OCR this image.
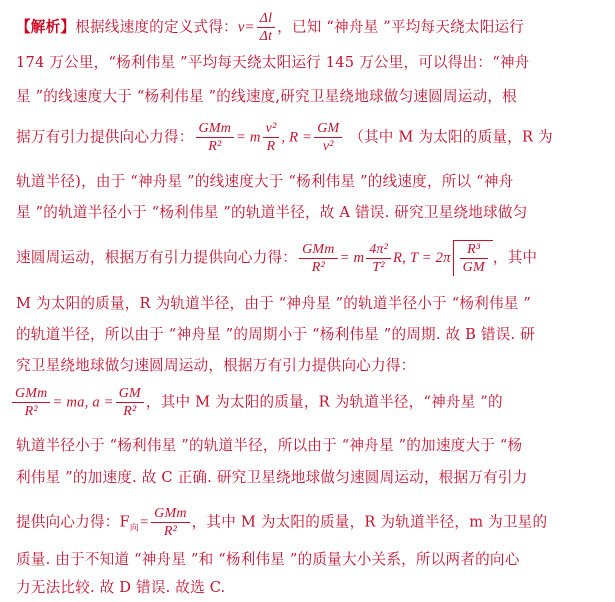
【解析】根据线速度的定义式得：$v= \frac{\Delta l}{\Delta t}$ ，已知 “神舟星 ”平均每天绕太阳运行
174 万公里，“杨利伟星 ”平均每天绕太阳运行 145 万公里，可以得出：“神舟
星 ”的线速度大于 “杨利伟星 ”的线速度,研究卫星绕地球做匀速圆周运动，根
据万有引力提供向心力得： $\frac{\text{GMm}}{\text{R²}} = m \frac{\text{v²}}{R}$ , $R = \frac{GM}{\text{v²}}$ （其中 M 为太阳的质量，R 为
轨道半径)，由于 “神舟星 ”的线速度大于 “杨利伟星 ”的线速度，所以 “神舟
星 ”的轨道半径小于 “杨利伟星 ”的轨道半径，故 A 错误. 研究卫星绕地球做匀
速圆周运动，根据万有引力提供向心力得： $\frac{\text{GMm}}{\text{R²}} = m \frac{\text{4π²}}{\text{T²}} R$, $T = 2\pi \frac{\text{R³}}{GM}$ ，其中
M 为太阳的质量，R 为轨道半径，由于 “神舟星 ”的轨道半径小于 “杨利伟星 ”
的轨道半径，所以由于 “神舟星 ”的周期小于 “杨利伟星 ”的周期. 故 B 错误. 研
究卫星绕地球做匀速圆周运动，根据万有引力提供向心力得：
$\frac{\text{GMm}}{\text{R²}}$ = ma, $a = \frac{GM}{\text{R²}}$ ，其中 M 为太阳的质量，R 为轨道半径，“神舟星 ”的
轨道半径小于 “杨利伟星 ”的轨道半径，所以由于 “神舟星 ”的加速度大于 “杨
利伟星 ”的加速度. 故 C 正确. 研究卫星绕地球做匀速圆周运动，根据万有引力
提供向心力得：$F_向= \frac{\text{GMm}}{\text{R²}}$ ，其中 M 为太阳的质量，R 为轨道半径，m 为卫星的
质量. 由于不知道 “神舟星 ”和 “杨利伟星 ”的质量大小关系，所以两者的向心
力无法比较. 故 D 错误. 故选 C.
